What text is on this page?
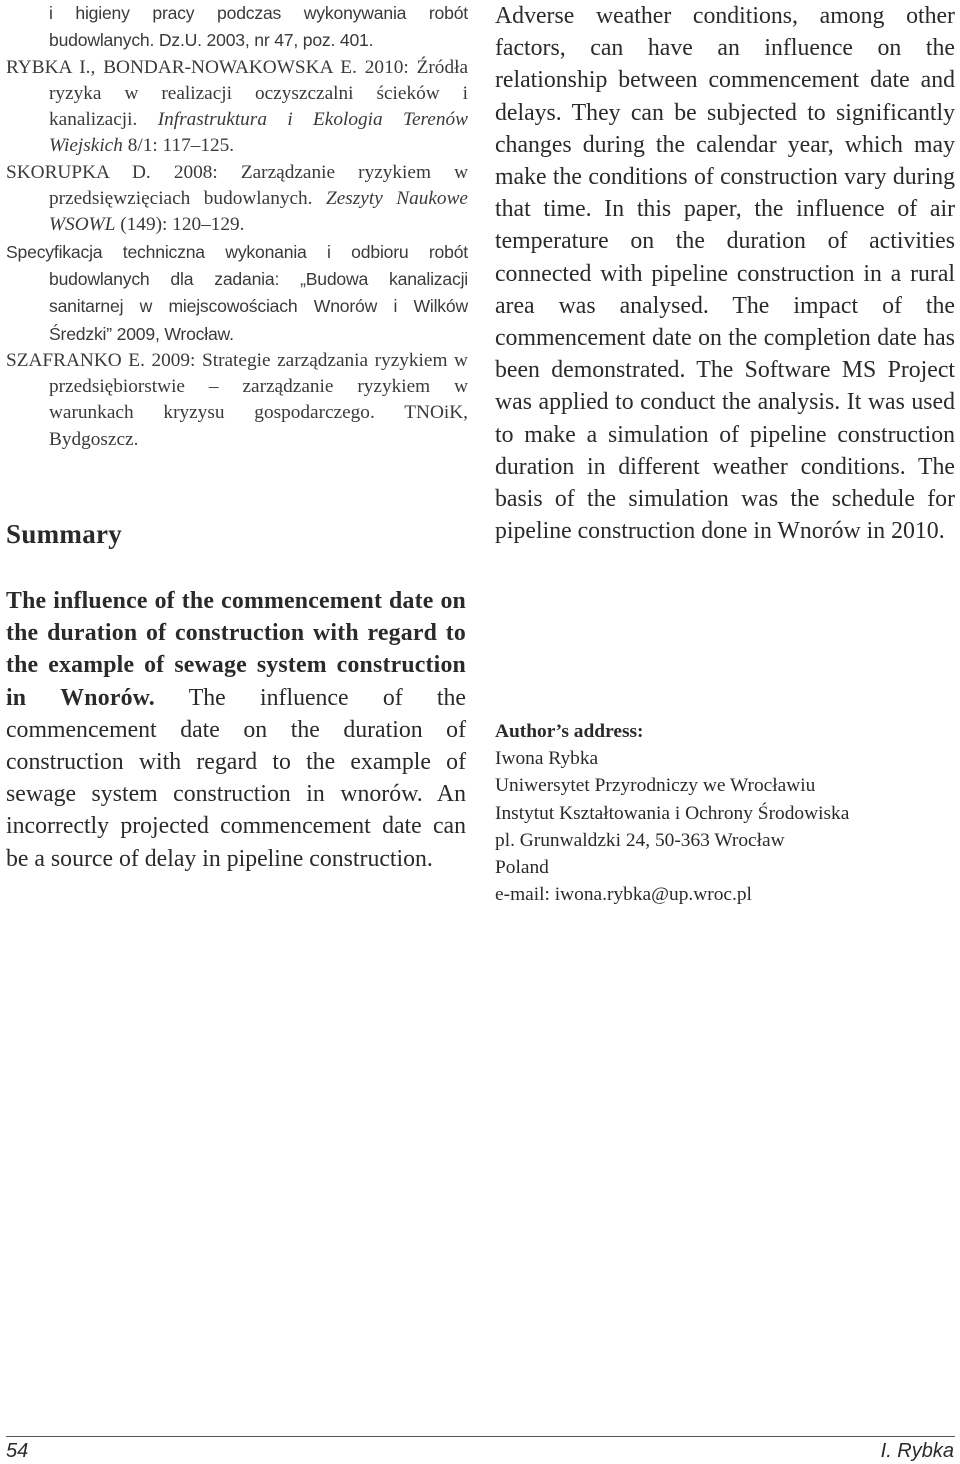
i higieny pracy podczas wykonywania robót budowlanych. Dz.U. 2003, nr 47, poz. 401.
RYBKA I., BONDAR-NOWAKOWSKA E. 2010: Źródła ryzyka w realizacji oczyszczalni ścieków i kanalizacji. Infrastruktura i Ekologia Terenów Wiejskich 8/1: 117–125.
SKORUPKA D. 2008: Zarządzanie ryzykiem w przedsięwzięciach budowlanych. Zeszyty Naukowe WSOWL (149): 120–129.
Specyfikacja techniczna wykonania i odbioru robót budowlanych dla zadania: „Budowa kanalizacji sanitarnej w miejscowościach Wnorów i Wilków Średzki” 2009, Wrocław.
SZAFRANKO E. 2009: Strategie zarządzania ryzykiem w przedsiębiorstwie – zarządzanie ryzykiem w warunkach kryzysu gospodarczego. TNOiK, Bydgoszcz.
Summary
The influence of the commencement date on the duration of construction with regard to the example of sewage system construction in Wnorów. The influence of the commencement date on the duration of construction with regard to the example of sewage system construction in wnorów. An incorrectly projected commencement date can be a source of delay in pipeline construction.
Adverse weather conditions, among other factors, can have an influence on the relationship between commencement date and delays. They can be subjected to significantly changes during the calendar year, which may make the conditions of construction vary during that time. In this paper, the influence of air temperature on the duration of activities connected with pipeline construction in a rural area was analysed. The impact of the commencement date on the completion date has been demonstrated. The Software MS Project was applied to conduct the analysis. It was used to make a simulation of pipeline construction duration in different weather conditions. The basis of the simulation was the schedule for pipeline construction done in Wnorów in 2010.
Author’s address:
Iwona Rybka
Uniwersytet Przyrodniczy we Wrocławiu
Instytut Kształtowania i Ochrony Środowiska
pl. Grunwaldzki 24, 50-363 Wrocław
Poland
e-mail: iwona.rybka@up.wroc.pl
54	I. Rybka
